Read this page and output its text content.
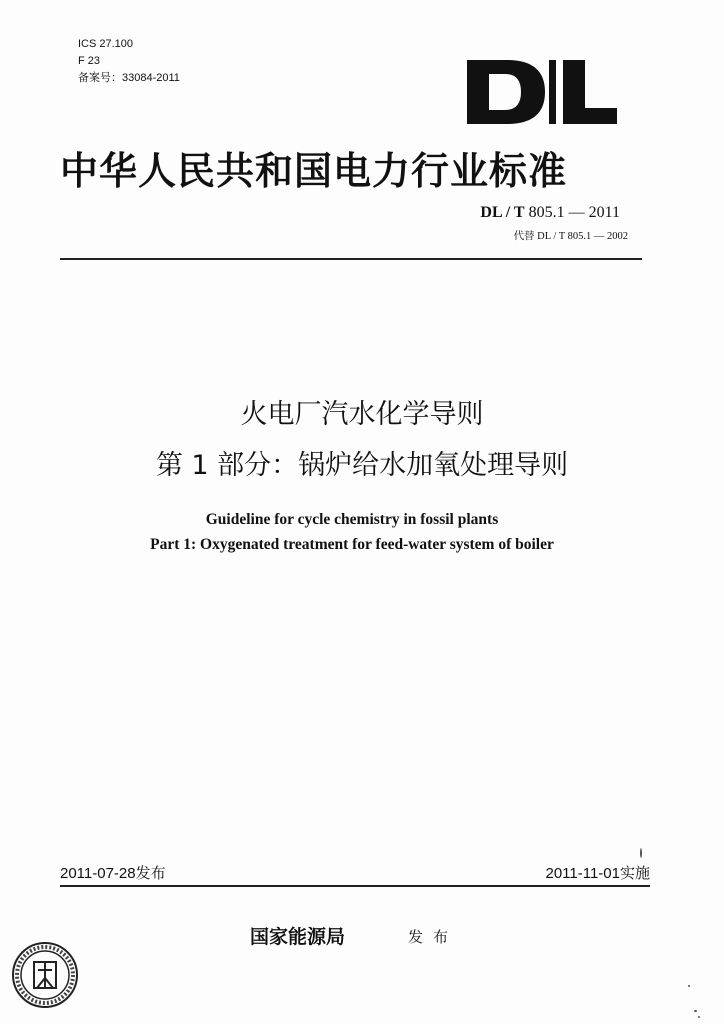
ICS 27.100
F 23
备案号：33084-2011
中华人民共和国电力行业标准
DL / T 805.1 — 2011
代替 DL / T 805.1 — 2002
火电厂汽水化学导则
第 1 部分：锅炉给水加氧处理导则
Guideline for cycle chemistry in fossil plants
Part 1: Oxygenated treatment for feed-water system of boiler
2011-07-28发布	2011-11-01实施
国家能源局	发布
